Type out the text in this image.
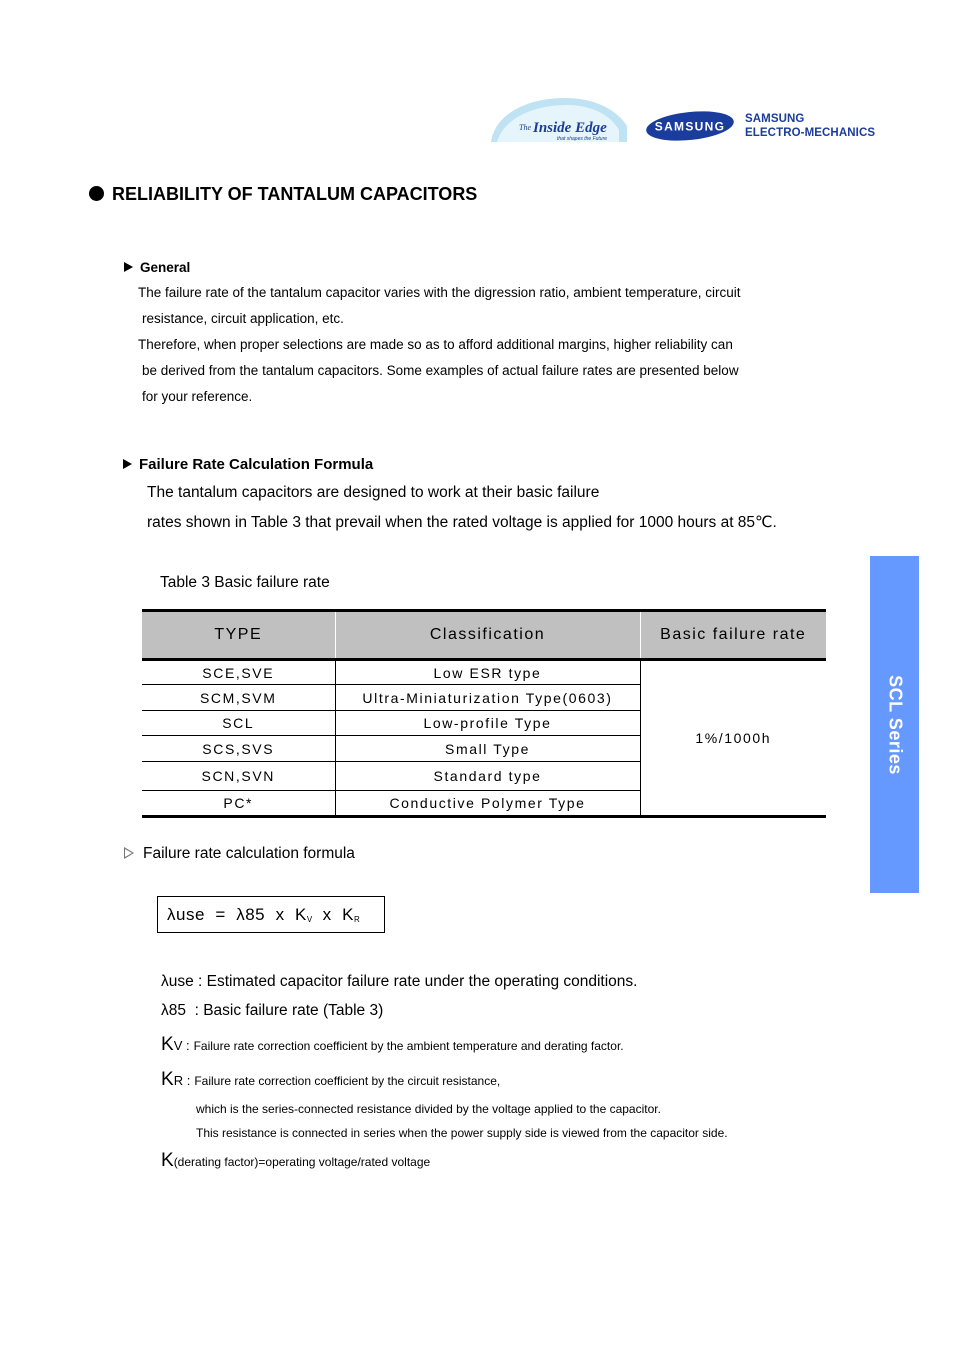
The Inside Edge
that shapes the Future
SAMSUNG
SAMSUNG
ELECTRO-MECHANICS
RELIABILITY OF TANTALUM CAPACITORS
General
The failure rate of the tantalum capacitor varies with the digression ratio, ambient temperature, circuit
resistance, circuit application, etc.
Therefore, when proper selections are made so as to afford additional margins, higher reliability can
be derived from the tantalum capacitors. Some examples of actual failure rates are presented below
for your reference.
Failure Rate Calculation Formula
The tantalum capacitors are designed to work at their basic failure
rates shown in Table 3 that prevail when the rated voltage is applied for 1000 hours at 85℃.
Table 3 Basic failure rate
TYPE	Classification	Basic failure rate
SCE,SVE	Low ESR type	1%/1000h
SCM,SVM	Ultra-Miniaturization Type(0603)	
SCL	Low-profile Type	
SCS,SVS	Small Type	
SCN,SVN	Standard type	
PC*	Conductive Polymer Type	
Failure rate calculation formula
λuse  =  λ85  x  $K_V$  x  $K_R$
λuse : Estimated capacitor failure rate under the operating conditions.
λ85  : Basic failure rate (Table 3)
KV : Failure rate correction coefficient by the ambient temperature and derating factor.
KR : Failure rate correction coefficient by the circuit resistance,
which is the series-connected resistance divided by the voltage applied to the capacitor.
This resistance is connected in series when the power supply side is viewed from the capacitor side.
K(derating factor)=operating voltage/rated voltage
SCL Series
